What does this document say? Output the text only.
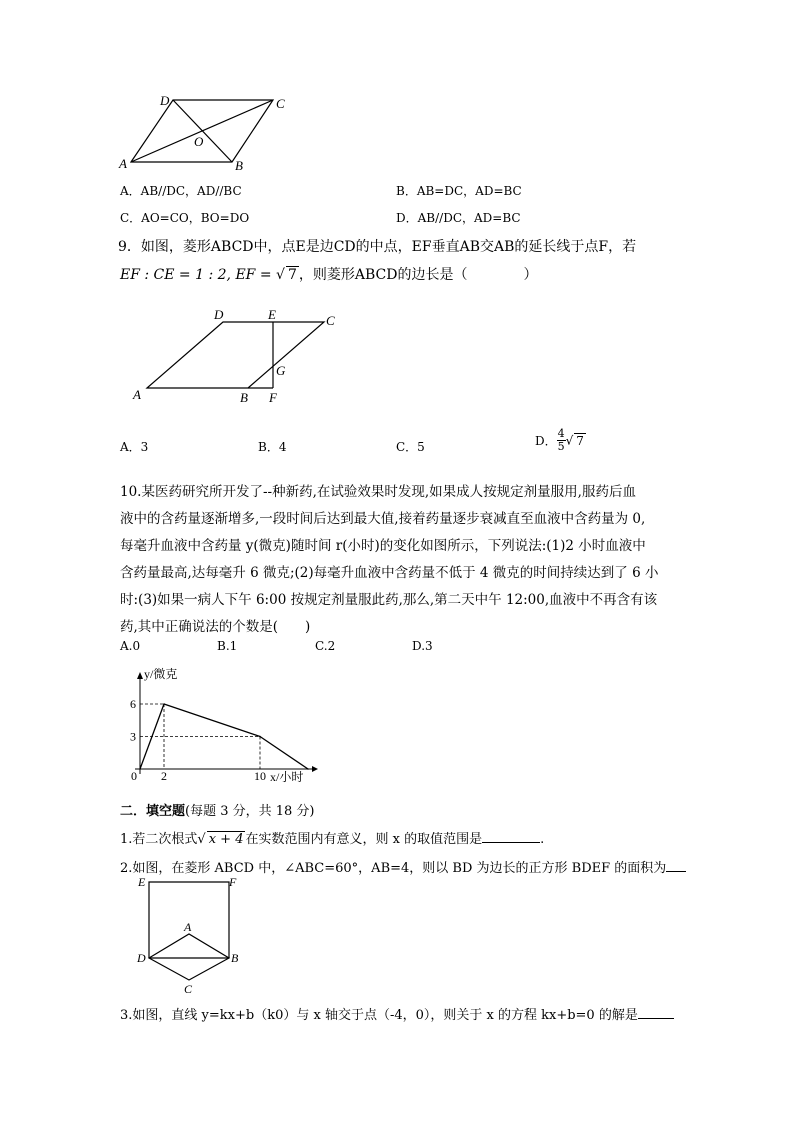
A
D	C
B
O
A．AB//DC，AD//BC	B．AB=DC，AD=BC
C．AO=CO，BO=DO	D．AB//DC，AD=BC
9．如图，菱形ABCD中，点E是边CD的中点，EF垂直AB交AB的延长线于点F，若
EF : CE = 1 : 2, EF = √ 7 ，则菱形ABCD的边长是（　　　　）
A
D	E	C
G
B F
A．3	B．4	C．5	D． $\frac{4}{5}$ √ 7
10.某医药研究所开发了--种新药,在试验效果时发现,如果成人按规定剂量服用,服药后血
液中的含药量逐渐增多,一段时间后达到最大值,接着药量逐步衰减直至血液中含药量为 0,
每毫升血液中含药量 y(微克)随时间 r(小时)的变化如图所示，下列说法:(1)2 小时血液中
含药量最高,达每毫升 6 微克;(2)每毫升血液中含药量不低于 4 微克的时间持续达到了 6 小
时:(3)如果一病人下午 6:00 按规定剂量服此药,那么,第二天中午 12:00,血液中不再含有该
药,其中正确说法的个数是(　　)
A.0	B.1	C.2	D.3
0 2	10
3
6
y/微克
x/小时
二．填空题(每题 3 分，共 18 分)
1.若二次根式√ x + 4 在实数范围内有意义，则 x 的取值范围是	.
2.如图，在菱形 ABCD 中，∠ABC=60°，AB=4，则以 BD 为边长的正方形 BDEF 的面积为
E	F
A
D	B
C
3.如图，直线 y=kx+b（k0）与 x 轴交于点（-4，0），则关于 x 的方程 kx+b=0 的解是
